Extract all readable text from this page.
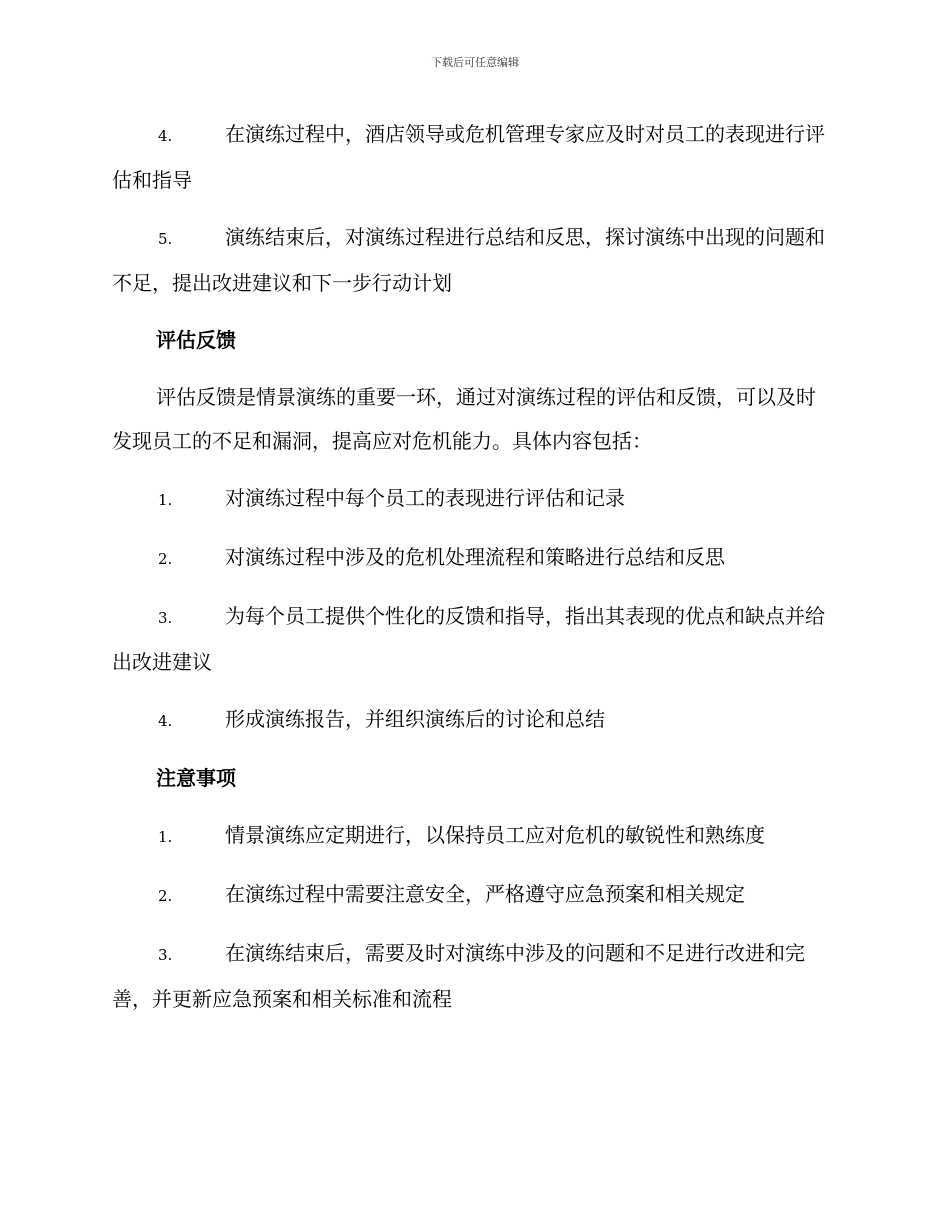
下载后可任意编辑
4.	在演练过程中，酒店领导或危机管理专家应及时对员工的表现进行评估和指导
5.	演练结束后，对演练过程进行总结和反思，探讨演练中出现的问题和不足，提出改进建议和下一步行动计划
评估反馈
评估反馈是情景演练的重要一环，通过对演练过程的评估和反馈，可以及时发现员工的不足和漏洞，提高应对危机能力。具体内容包括：
1.	对演练过程中每个员工的表现进行评估和记录
2.	对演练过程中涉及的危机处理流程和策略进行总结和反思
3.	为每个员工提供个性化的反馈和指导，指出其表现的优点和缺点并给出改进建议
4.	形成演练报告，并组织演练后的讨论和总结
注意事项
1.	情景演练应定期进行，以保持员工应对危机的敏锐性和熟练度
2.	在演练过程中需要注意安全，严格遵守应急预案和相关规定
3.	在演练结束后，需要及时对演练中涉及的问题和不足进行改进和完善，并更新应急预案和相关标准和流程
